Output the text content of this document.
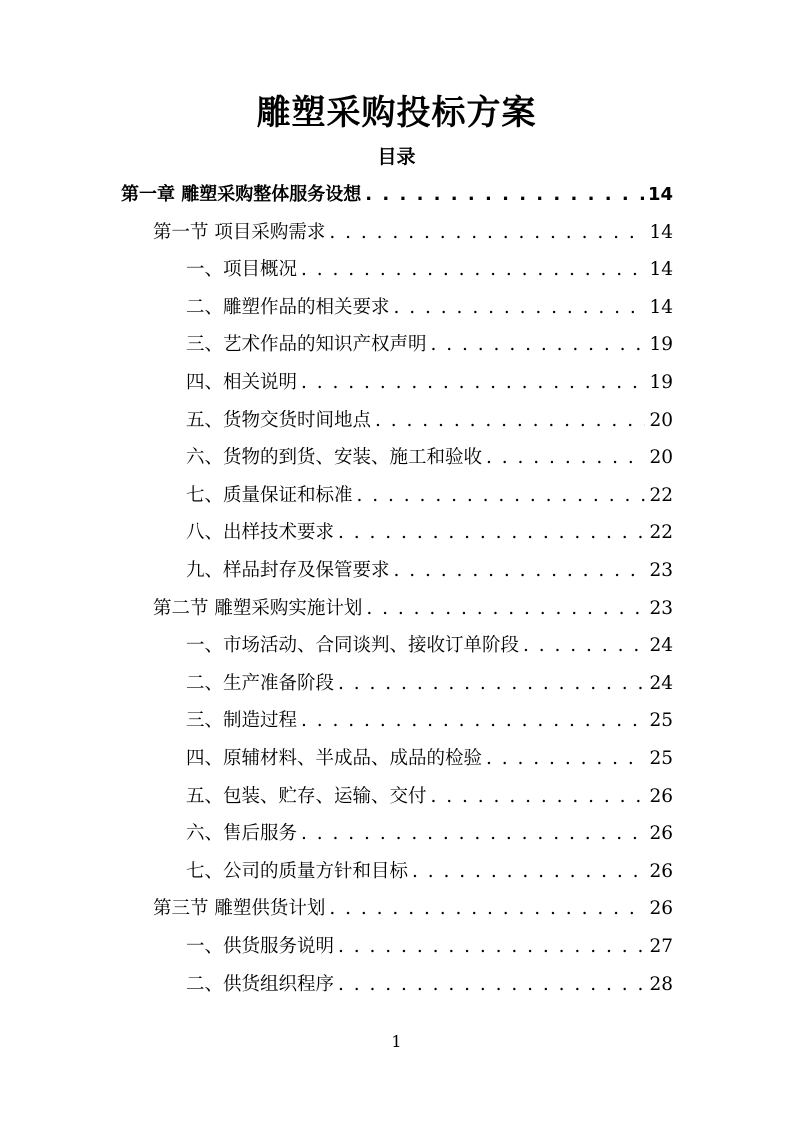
雕塑采购投标方案
目录
第一章 雕塑采购整体服务设想 . . .	14
第一节 项目采购需求 . . .	14
一、项目概况 . . .	14
二、雕塑作品的相关要求 . . .	14
三、艺术作品的知识产权声明 . . .	19
四、相关说明 . . .	19
五、货物交货时间地点 . . .	20
六、货物的到货、安装、施工和验收 . . .	20
七、质量保证和标准 . . .	22
八、出样技术要求 . . .	22
九、样品封存及保管要求 . . .	23
第二节 雕塑采购实施计划 . . .	23
一、市场活动、合同谈判、接收订单阶段 . . .	24
二、生产准备阶段 . . .	24
三、制造过程 . . .	25
四、原辅材料、半成品、成品的检验 . . .	25
五、包装、贮存、运输、交付 . . .	26
六、售后服务 . . .	26
七、公司的质量方针和目标 . . .	26
第三节 雕塑供货计划 . . .	26
一、供货服务说明 . . .	27
二、供货组织程序 . . .	28
1
